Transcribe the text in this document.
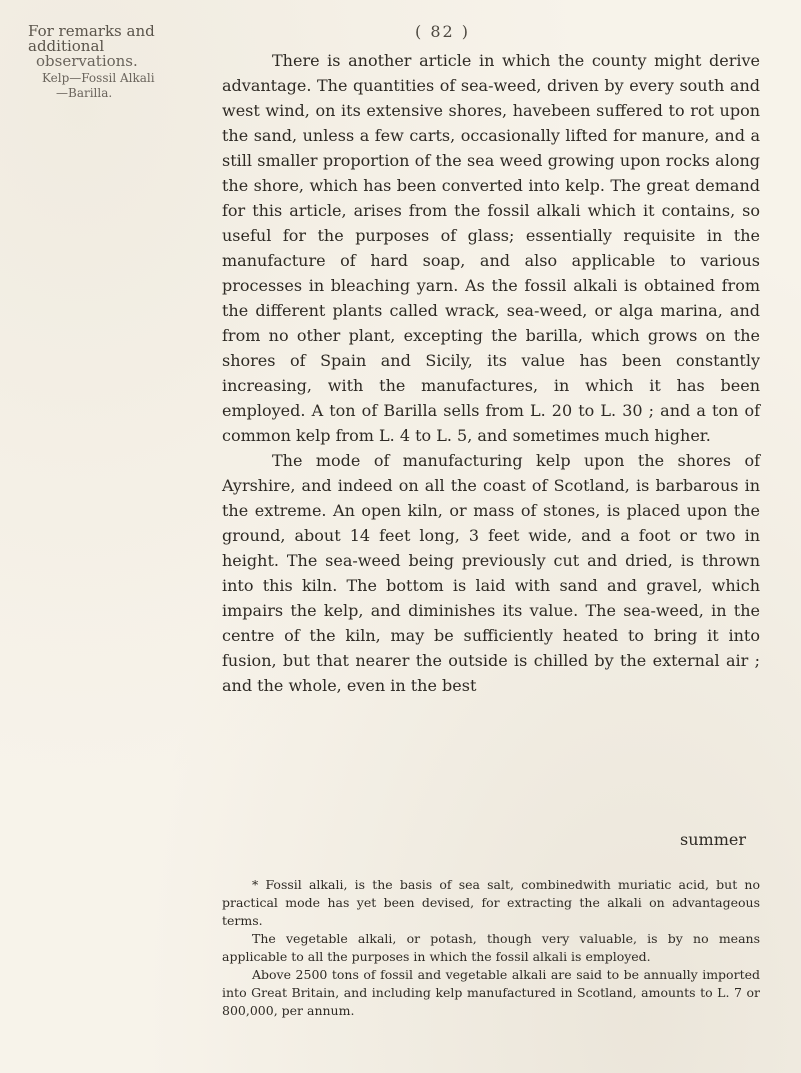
For remarks and additional
observations.
Kelp—Fossil Alkali
—Barilla.
( 82 )

There is another article in which the county might derive advantage. The quantities of sea-weed, driven by every south and west wind, on its extensive shores, havebeen suffered to rot upon the sand, unless a few carts, occasionally lifted for manure, and a still smaller proportion of the sea weed growing upon rocks along the shore, which has been converted into kelp. The great demand for this article, arises from the fossil alkali which it contains, so useful for the purposes of glass; essentially requisite in the manufacture of hard soap, and also applicable to various processes in bleaching yarn. As the fossil alkali is obtained from the different plants called wrack, sea-weed, or alga marina, and from no other plant, excepting the barilla, which grows on the shores of Spain and Sicily, its value has been constantly increasing, with the manufactures, in which it has been employed. A ton of Barilla sells from L. 20 to L. 30 ; and a ton of common kelp from L. 4 to L. 5, and sometimes much higher.

The mode of manufacturing kelp upon the shores of Ayrshire, and indeed on all the coast of Scotland, is barbarous in the extreme. An open kiln, or mass of stones, is placed upon the ground, about 14 feet long, 3 feet wide, and a foot or two in height. The sea-weed being previously cut and dried, is thrown into this kiln. The bottom is laid with sand and gravel, which impairs the kelp, and diminishes its value. The sea-weed, in the centre of the kiln, may be sufficiently heated to bring it into fusion, but that nearer the outside is chilled by the external air ; and the whole, even in the best

summer

* Fossil alkali, is the basis of sea salt, combinedwith muriatic acid, but no practical mode has yet been devised, for extracting the alkali on advantageous terms.

The vegetable alkali, or potash, though very valuable, is by no means applicable to all the purposes in which the fossil alkali is employed.

Above 2500 tons of fossil and vegetable alkali are said to be annually imported into Great Britain, and including kelp manufactured in Scotland, amounts to L. 7 or 800,000, per annum.
